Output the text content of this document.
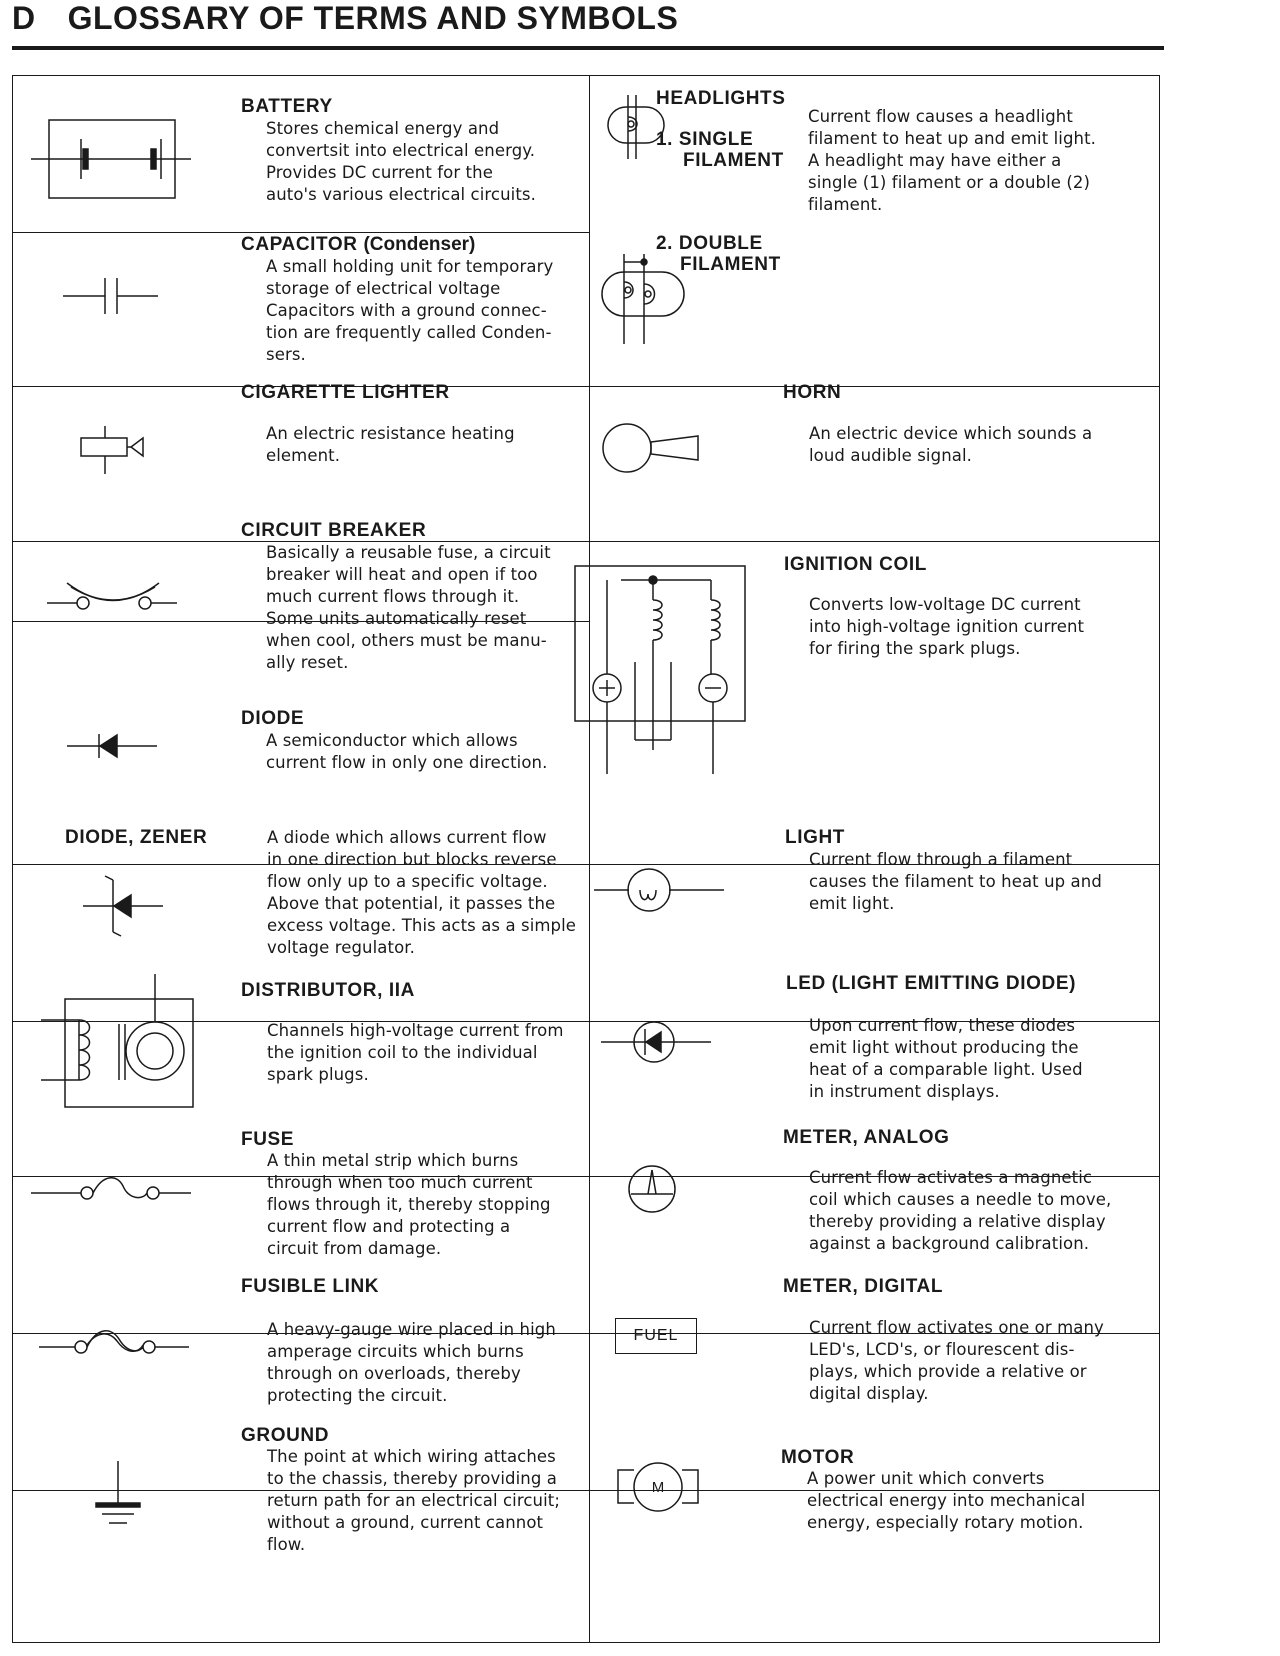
D GLOSSARY OF TERMS AND SYMBOLS
BATTERY
Stores chemical energy and
convertsit into electrical energy.
Provides DC current for the
auto's various electrical circuits.
CAPACITOR (Condenser)
A small holding unit for temporary
storage of electrical voltage
Capacitors with a ground connec-
tion are frequently called Conden-
sers.
CIGARETTE LIGHTER
An electric resistance heating
element.
CIRCUIT BREAKER
Basically a reusable fuse, a circuit
breaker will heat and open if too
much current flows through it.
Some units automatically reset
when cool, others must be manu-
ally reset.
DIODE
A semiconductor which allows
current flow in only one direction.
DIODE, ZENER	A diode which allows current flow
in one direction but blocks reverse
flow only up to a specific voltage.
Above that potential, it passes the
excess voltage. This acts as a simple
voltage regulator.
DISTRIBUTOR, IIA
Channels high-voltage current from
the ignition coil to the individual
spark plugs.
FUSE
A thin metal strip which burns
through when too much current
flows through it, thereby stopping
current flow and protecting a
circuit from damage.
FUSIBLE LINK
A heavy-gauge wire placed in high
amperage circuits which burns
through on overloads, thereby
protecting the circuit.
GROUND
The point at which wiring attaches
to the chassis, thereby providing a
return path for an electrical circuit;
without a ground, current cannot
flow.
HEADLIGHTS
1. SINGLE
FILAMENT
2. DOUBLE
FILAMENT
Current flow causes a headlight
filament to heat up and emit light.
A headlight may have either a
single (1) filament or a double (2)
filament.
HORN
An electric device which sounds a
loud audible signal.
IGNITION COIL
Converts low-voltage DC current
into high-voltage ignition current
for firing the spark plugs.
LIGHT
Current flow through a filament
causes the filament to heat up and
emit light.
LED (LIGHT EMITTING DIODE)
Upon current flow, these diodes
emit light without producing the
heat of a comparable light. Used
in instrument displays.
METER, ANALOG
Current flow activates a magnetic
coil which causes a needle to move,
thereby providing a relative display
against a background calibration.
FUEL
METER, DIGITAL
Current flow activates one or many
LED's, LCD's, or flourescent dis-
plays, which provide a relative or
digital display.
M
MOTOR
A power unit which converts
electrical energy into mechanical
energy, especially rotary motion.
